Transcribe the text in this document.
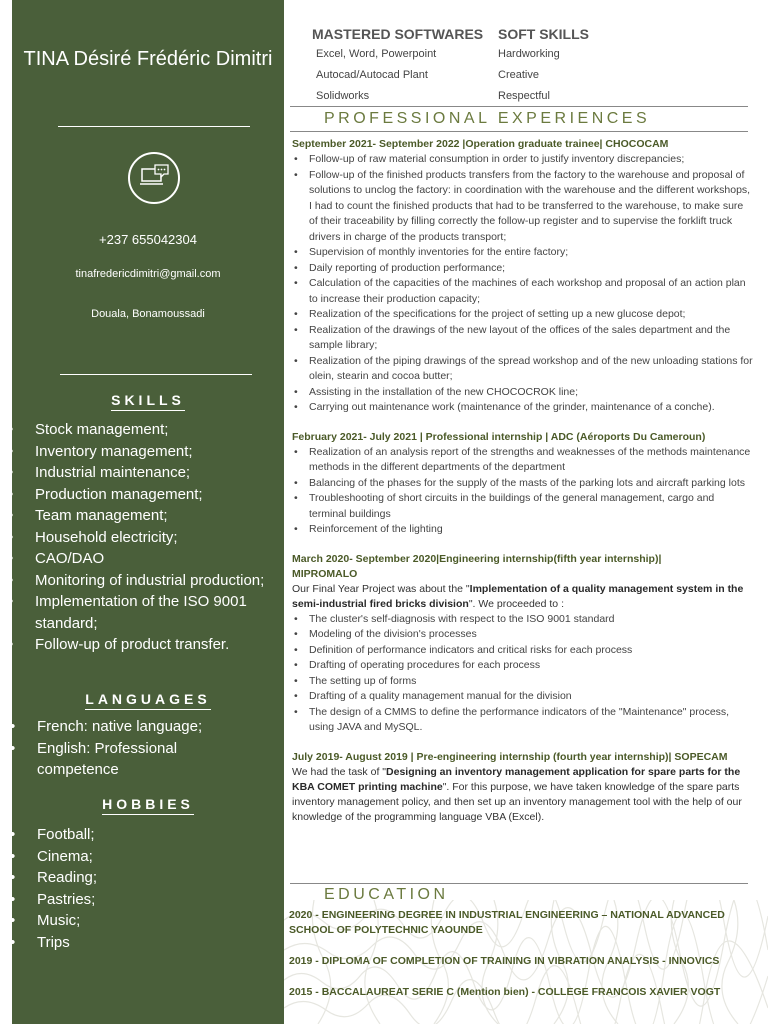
TINA Désiré Frédéric Dimitri
+237 655042304
tinafredericdimitri@gmail.com
Douala, Bonamoussadi
SKILLS
• Stock management;
• Inventory management;
• Industrial maintenance;
• Production management;
• Team management;
• Household electricity;
• CAO/DAO
• Monitoring of industrial production;
• Implementation of the ISO 9001 standard;
• Follow-up of product transfer.
LANGUAGES
• French: native language;
• English: Professional competence
HOBBIES
• Football;
• Cinema;
• Reading;
• Pastries;
• Music;
• Trips
MASTERED SOFTWARES
Excel, Word, Powerpoint
Autocad/Autocad Plant
Solidworks
SOFT SKILLS
Hardworking
Creative
Respectful
PROFESSIONAL EXPERIENCES
September 2021- September 2022 |Operation graduate trainee| CHOCOCAM
• Follow-up of raw material consumption in order to justify inventory discrepancies;
• Follow-up of the finished products transfers from the factory to the warehouse and proposal of solutions to unclog the factory: in coordination with the warehouse and the different workshops, I had to count the finished products that had to be transferred to the warehouse, to make sure of their traceability by filling correctly the follow-up register and to supervise the forklift truck drivers in charge of the products transport;
• Supervision of monthly inventories for the entire factory;
• Daily reporting of production performance;
• Calculation of the capacities of the machines of each workshop and proposal of an action plan to increase their production capacity;
• Realization of the specifications for the project of setting up a new glucose depot;
• Realization of the drawings of the new layout of the offices of the sales department and the sample library;
• Realization of the piping drawings of the spread workshop and of the new unloading stations for olein, stearin and cocoa butter;
• Assisting in the installation of the new CHOCOCROK line;
• Carrying out maintenance work (maintenance of the grinder, maintenance of a conche).
February 2021- July 2021 | Professional internship | ADC (Aéroports Du Cameroun)
• Realization of an analysis report of the strengths and weaknesses of the methods maintenance methods in the different departments of the department
• Balancing of the phases for the supply of the masts of the parking lots and aircraft parking lots
• Troubleshooting of short circuits in the buildings of the general management, cargo and terminal buildings
• Reinforcement of the lighting
March 2020- September 2020|Engineering internship(fifth year internship)| MIPROMALO
Our Final Year Project was about the "Implementation of a quality management system in the semi-industrial fired bricks division". We proceeded to :
• The cluster's self-diagnosis with respect to the ISO 9001 standard
• Modeling of the division's processes
• Definition of performance indicators and critical risks for each process
• Drafting of operating procedures for each process
• The setting up of forms
• Drafting of a quality management manual for the division
• The design of a CMMS to define the performance indicators of the "Maintenance" process, using JAVA and MySQL.
July 2019- August 2019 | Pre-engineering internship (fourth year internship)| SOPECAM
We had the task of "Designing an inventory management application for spare parts for the KBA COMET printing machine". For this purpose, we have taken knowledge of the spare parts inventory management policy, and then set up an inventory management tool with the help of our knowledge of the programming language VBA (Excel).
EDUCATION
2020 - ENGINEERING DEGREE IN INDUSTRIAL ENGINEERING – NATIONAL ADVANCED SCHOOL OF POLYTECHNIC YAOUNDE
2019 - DIPLOMA OF COMPLETION OF TRAINING IN VIBRATION ANALYSIS - INNOVICS
2015 - BACCALAUREAT SERIE C (Mention bien) - COLLEGE FRANCOIS XAVIER VOGT
